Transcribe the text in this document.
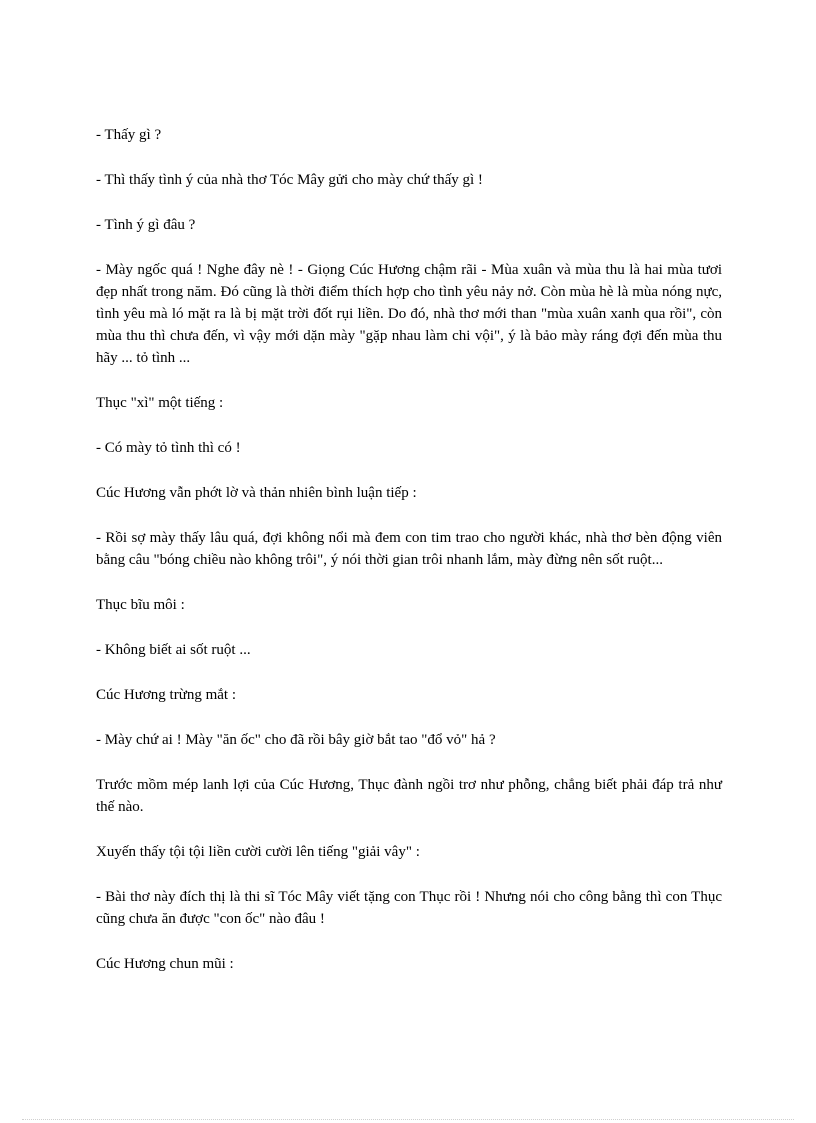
- Thấy gì ?

- Thì thấy tình ý của nhà thơ Tóc Mây gửi cho mày chứ thấy gì !

- Tình ý gì đâu ?

- Mày ngốc quá ! Nghe đây nè ! - Giọng Cúc Hương chậm rãi - Mùa xuân và mùa thu là hai mùa tươi đẹp nhất trong năm. Đó cũng là thời điểm thích hợp cho tình yêu nảy nở. Còn mùa hè là mùa nóng nực, tình yêu mà ló mặt ra là bị mặt trời đốt rụi liền. Do đó, nhà thơ mới than "mùa xuân xanh qua rồi", còn mùa thu thì chưa đến, vì vậy mới dặn mày "gặp nhau làm chi vội", ý là bảo mày ráng đợi đến mùa thu hãy ... tỏ tình ...

Thục "xì" một tiếng :

- Có mày tỏ tình thì có !

Cúc Hương vẫn phớt lờ và thản nhiên bình luận tiếp :

- Rồi sợ mày thấy lâu quá, đợi không nổi mà đem con tim trao cho người khác, nhà thơ bèn động viên bằng câu "bóng chiều nào không trôi", ý nói thời gian trôi nhanh lắm, mày đừng nên sốt ruột...

Thục bĩu môi :

- Không biết ai sốt ruột ...

Cúc Hương trừng mắt :

- Mày chứ ai ! Mày "ăn ốc" cho đã rồi bây giờ bắt tao "đổ vỏ" hả ?

Trước mồm mép lanh lợi của Cúc Hương, Thục đành ngồi trơ như phỗng, chẳng biết phải đáp trả như thế nào.

Xuyến thấy tội tội liền cười cười lên tiếng "giải vây" :

- Bài thơ này đích thị là thi sĩ Tóc Mây viết tặng con Thục rồi ! Nhưng nói cho công bằng thì con Thục cũng chưa ăn được "con ốc" nào đâu !

Cúc Hương chun mũi :
